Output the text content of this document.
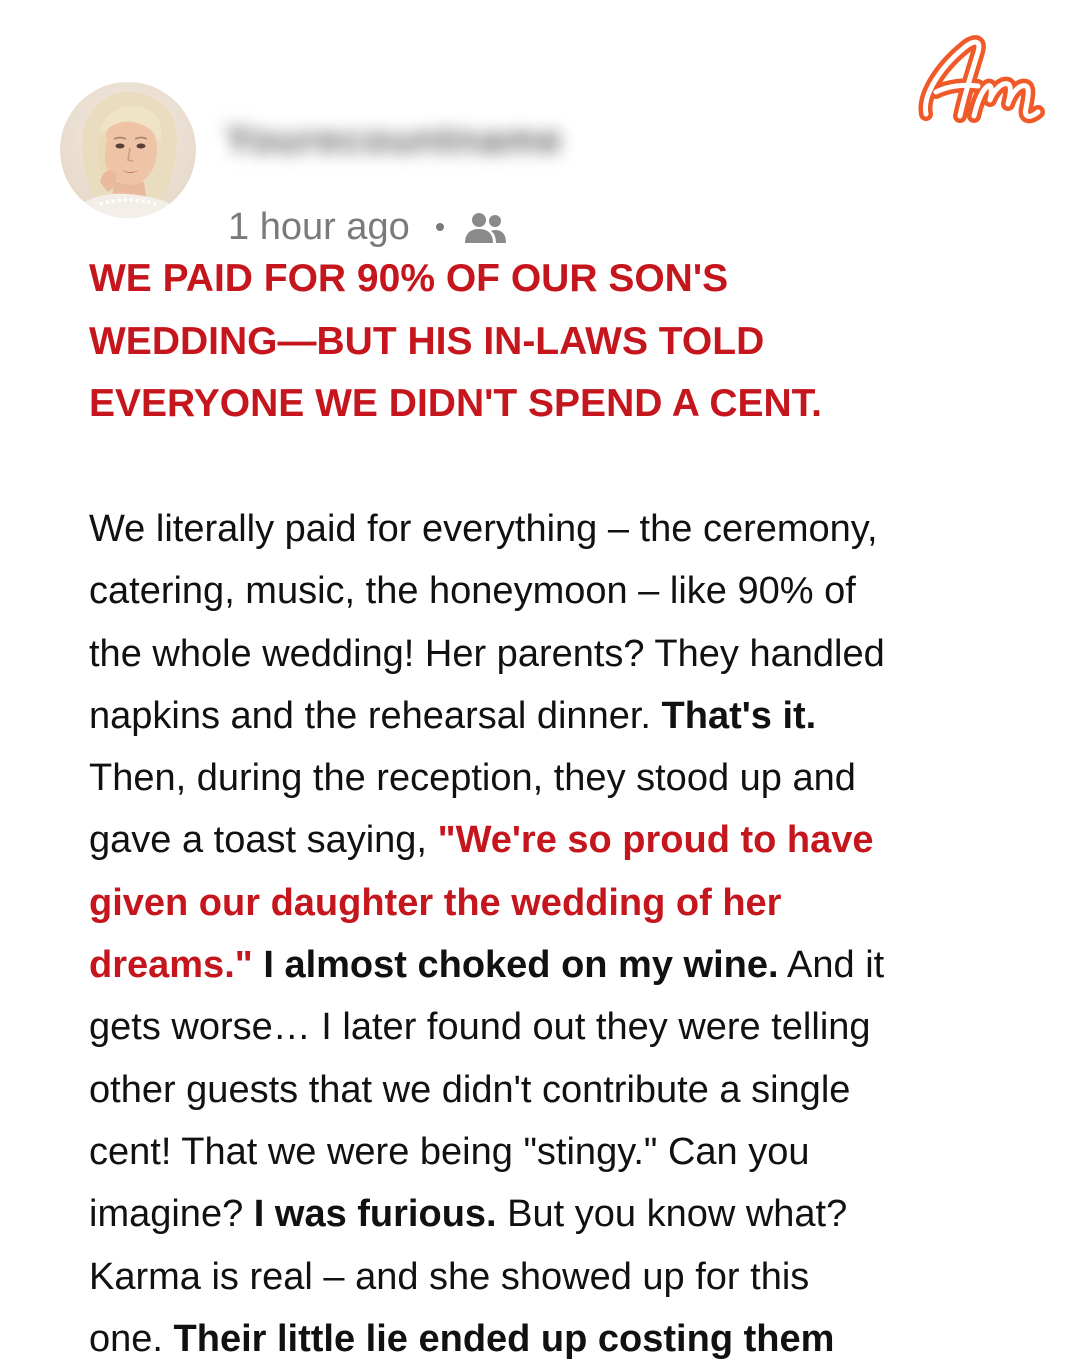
Yourecountname
1 hour ago
WE PAID FOR 90% OF OUR SON'S
WEDDING—BUT HIS IN-LAWS TOLD
EVERYONE WE DIDN'T SPEND A CENT.

We literally paid for everything – the ceremony,
catering, music, the honeymoon – like 90% of
the whole wedding! Her parents? They handled
napkins and the rehearsal dinner. That's it.
Then, during the reception, they stood up and
gave a toast saying, "We're so proud to have
given our daughter the wedding of her
dreams." I almost choked on my wine. And it
gets worse… I later found out they were telling
other guests that we didn't contribute a single
cent! That we were being "stingy." Can you
imagine? I was furious. But you know what?
Karma is real – and she showed up for this
one. Their little lie ended up costing them
